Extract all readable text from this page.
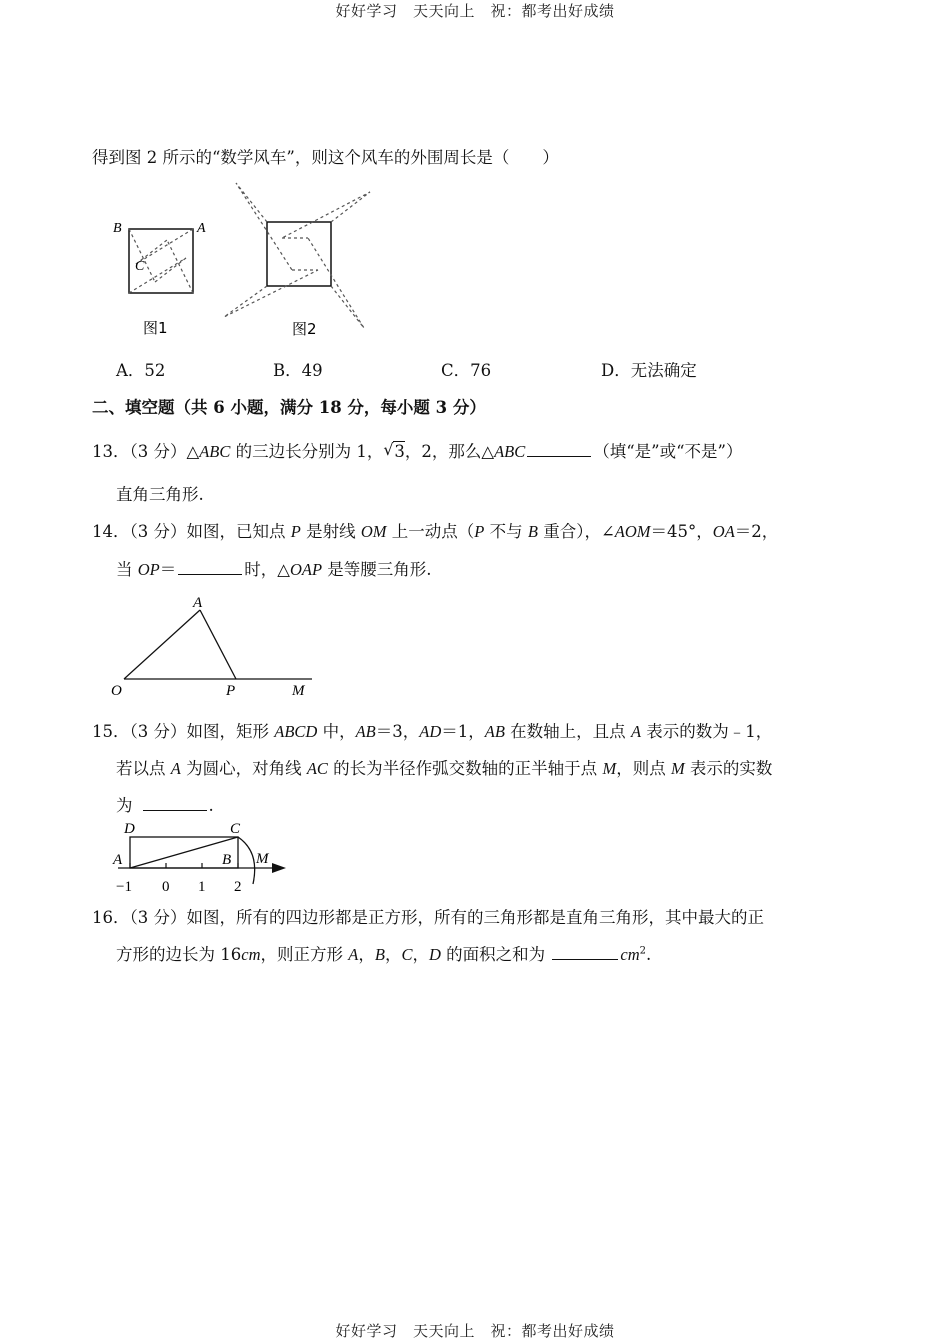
好好学习　天天向上　祝：都考出好成绩
得到图 2 所示的“数学风车”，则这个风车的外围周长是（　　）
B	A
C
图1	图2
A．52	B．49	C．76	D．无法确定
二、填空题（共 6 小题，满分 18 分，每小题 3 分）
13．（3 分）△ABC 的三边长分别为 1， √ 3，2，那么△ABC	（填“是”或“不是”）
直角三角形.
14．（3 分）如图，已知点 P 是射线 OM 上一动点（P 不与 B 重合），∠AOM＝45°，OA＝2，
当 OP＝	时，△OAP 是等腰三角形.
A
O	P	M
15．（3 分）如图，矩形 ABCD 中，AB＝3，AD＝1，AB 在数轴上，且点 A 表示的数为﹣1，
若以点 A 为圆心，对角线 AC 的长为半径作弧交数轴的正半轴于点 M，则点 M 表示的实数
为	.
D	C
A	B M
−1 0 1 2
16．（3 分）如图，所有的四边形都是正方形，所有的三角形都是直角三角形，其中最大的正
方形的边长为 16cm，则正方形 A，B，C，D 的面积之和为	$cm^2$.
好好学习　天天向上　祝：都考出好成绩
